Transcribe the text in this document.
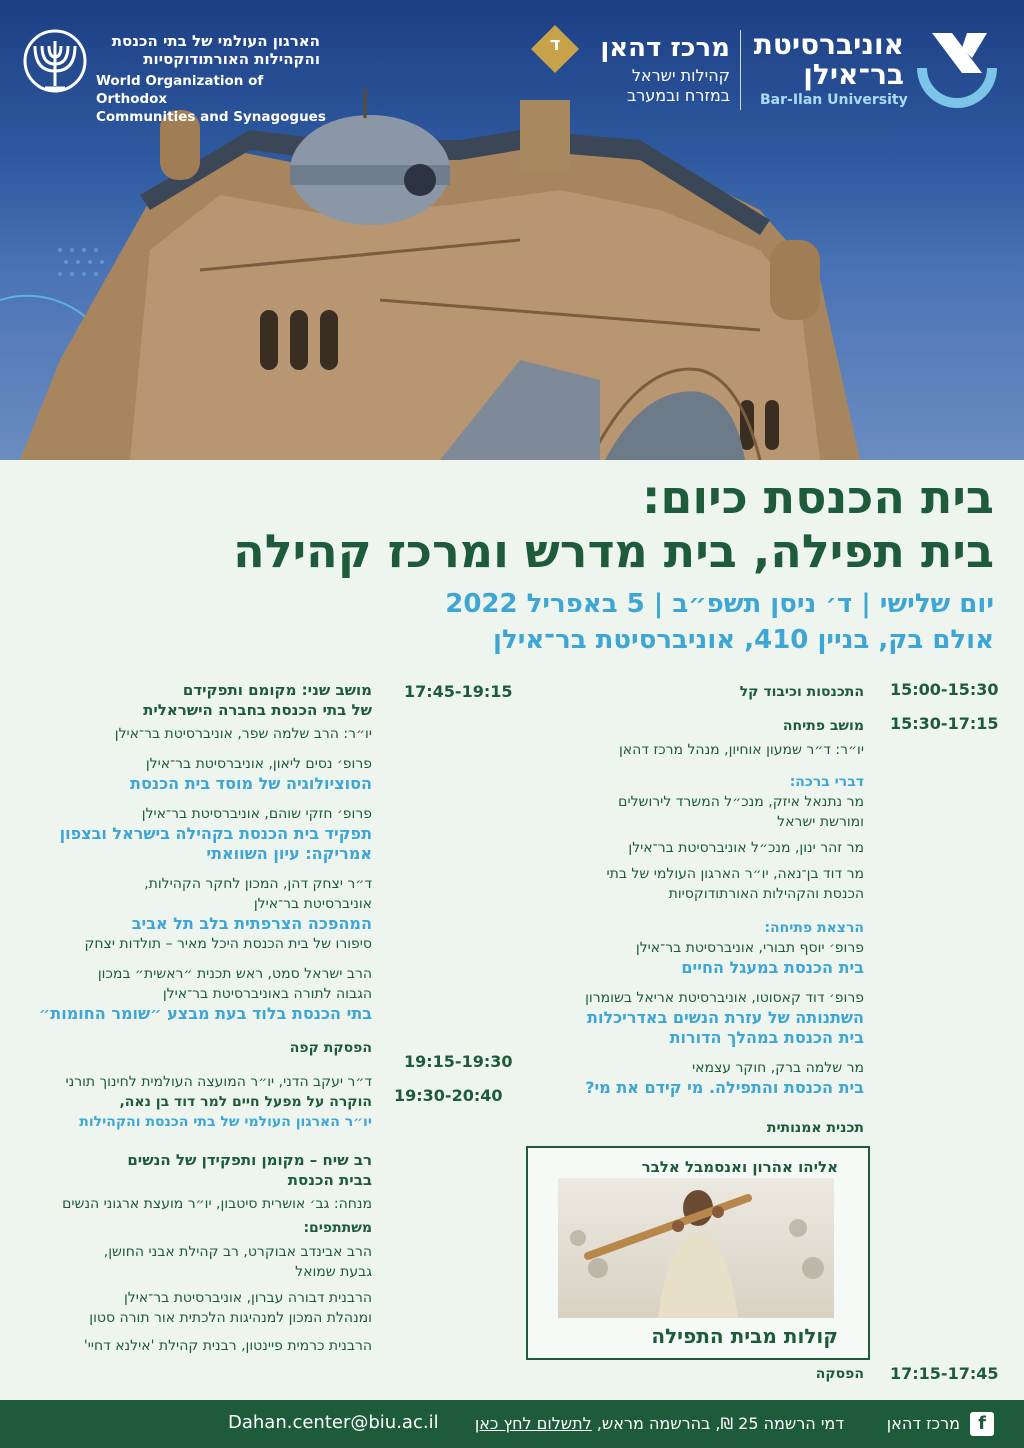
אוניברסיטת
בר־אילן
Bar-Ilan University
מרכז דהאן
קהילות ישראל
במזרח ובמערב
ד
הארגון העולמי של בתי הכנסת
והקהילות האורתודוקסיות
World Organization of Orthodox
Communities and Synagogues
בית הכנסת כיום:
בית תפילה, בית מדרש ומרכז קהילה
יום שלישי | ד׳ ניסן תשפ״ב | 5 באפריל 2022
אולם בק, בניין 410, אוניברסיטת בר־אילן
15:00-15:30
15:30-17:15
17:15-17:45
התכנסות וכיבוד קל
מושב פתיחה
יו״ר: ד״ר שמעון אוחיון, מנהל מרכז דהאן
דברי ברכה:
מר נתנאל איזק, מנכ״ל המשרד לירושלים
ומורשת ישראל
מר זהר ינון, מנכ״ל אוניברסיטת בר־אילן
מר דוד בן־נאה, יו״ר הארגון העולמי של בתי
הכנסת והקהילות האורתודוקסיות
הרצאת פתיחה:
פרופ׳ יוסף תבורי, אוניברסיטת בר־אילן
בית הכנסת במעגל החיים
פרופ׳ דוד קאסוטו, אוניברסיטת אריאל בשומרון
השתנותה של עזרת הנשים באדריכלות
בית הכנסת במהלך הדורות
מר שלמה ברק, חוקר עצמאי
בית הכנסת והתפילה. מי קידם את מי?
תכנית אמנותית
אליהו אהרון ואנסמבל אלבר
קולות מבית התפילה
הפסקה
17:45-19:15
19:15-19:30
19:30-20:40
מושב שני: מקומם ותפקידם
של בתי הכנסת בחברה הישראלית
יו״ר: הרב שלמה שפר, אוניברסיטת בר־אילן
פרופ׳ נסים ליאון, אוניברסיטת בר־אילן
הסוציולוגיה של מוסד בית הכנסת
פרופ׳ חזקי שוהם, אוניברסיטת בר־אילן
תפקיד בית הכנסת בקהילה בישראל ובצפון
אמריקה: עיון השוואתי
ד״ר יצחק דהן, המכון לחקר הקהילות,
אוניברסיטת בר־אילן
המהפכה הצרפתית בלב תל אביב
סיפורו של בית הכנסת היכל מאיר – תולדות יצחק
הרב ישראל סמט, ראש תכנית ״ראשית״ במכון
הגבוה לתורה באוניברסיטת בר־אילן
בתי הכנסת בלוד בעת מבצע ״שומר החומות״
הפסקת קפה
ד״ר יעקב הדני, יו״ר המועצה העולמית לחינוך תורני
הוקרה על מפעל חיים למר דוד בן נאה,
יו״ר הארגון העולמי של בתי הכנסת והקהילות
רב שיח – מקומן ותפקידן של הנשים
בבית הכנסת
מנחה: גב׳ אושרית סיטבון, יו״ר מועצת ארגוני הנשים
משתתפים:
הרב אבינדב אבוקרט, רב קהילת אבני החושן,
גבעת שמואל
הרבנית דבורה עברון, אוניברסיטת בר־אילן
ומנהלת המכון למנהיגות הלכתית אור תורה סטון
הרבנית כרמית פיינטון, רבנית קהילת 'אילנא דחיי'
f
מרכז דהאן
דמי הרשמה 25 ₪, בהרשמה מראש, לתשלום לחץ כאן
Dahan.center@biu.ac.il
